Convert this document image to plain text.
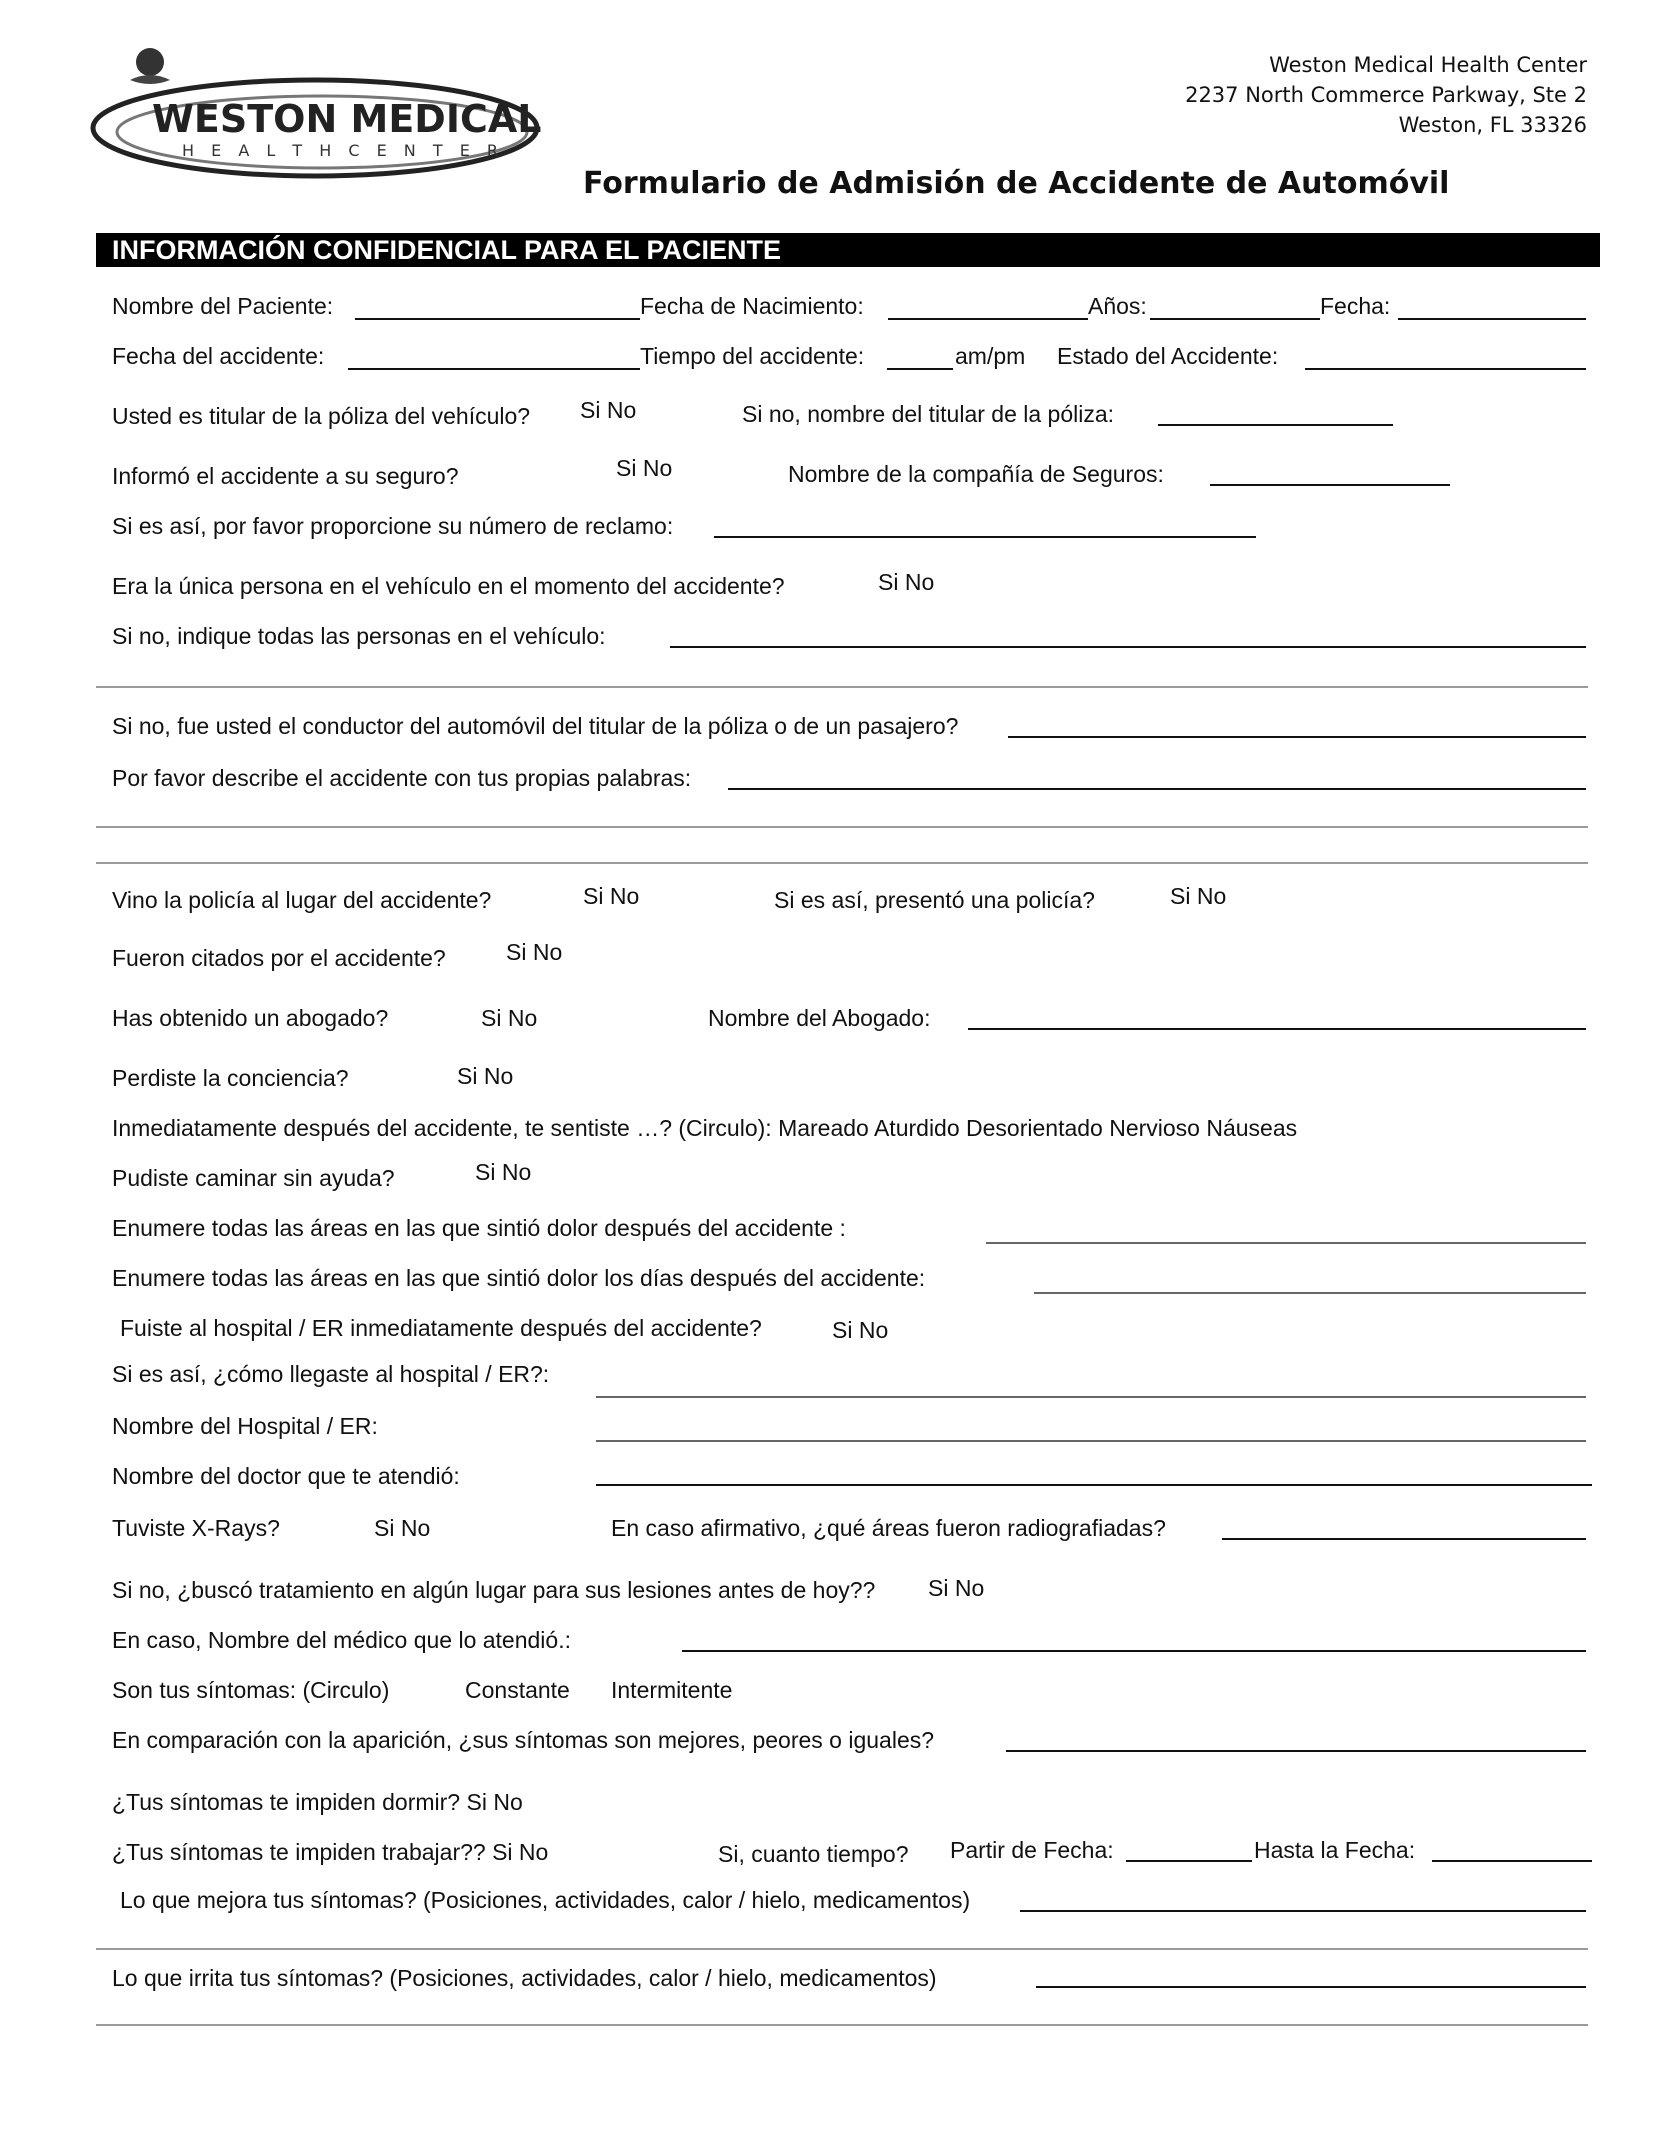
WESTON MEDICAL
H E A L T H C E N T E R
Weston Medical Health Center
2237 North Commerce Parkway, Ste 2
Weston, FL 33326
Formulario de Admisión de Accidente de Automóvil
INFORMACIÓN CONFIDENCIAL PARA EL PACIENTE
Nombre del Paciente:	Fecha de Nacimiento:	Años:	Fecha:
Fecha del accidente:	Tiempo del accidente:	am/pm Estado del Accidente:
Usted es titular de la póliza del vehículo? Si No	Si no, nombre del titular de la póliza:
Informó el accidente a su seguro?	Si No	Nombre de la compañía de Seguros:
Si es así, por favor proporcione su número de reclamo:
Era la única persona en el vehículo en el momento del accidente?	Si No
Si no, indique todas las personas en el vehículo:
Si no, fue usted el conductor del automóvil del titular de la póliza o de un pasajero?
Por favor describe el accidente con tus propias palabras:
Vino la policía al lugar del accidente?	Si No	Si es así, presentó una policía?	Si No
Fueron citados por el accidente?	Si No
Has obtenido un abogado?	Si No	Nombre del Abogado:
Perdiste la conciencia?	Si No
Inmediatamente después del accidente, te sentiste …? (Circulo): Mareado Aturdido Desorientado Nervioso Náuseas
Pudiste caminar sin ayuda?	Si No
Enumere todas las áreas en las que sintió dolor después del accidente :
Enumere todas las áreas en las que sintió dolor los días después del accidente:
Fuiste al hospital / ER inmediatamente después del accidente?	Si No
Si es así, ¿cómo llegaste al hospital / ER?:
Nombre del Hospital / ER:
Nombre del doctor que te atendió:
Tuviste X-Rays?	Si No	En caso afirmativo, ¿qué áreas fueron radiografiadas?
Si no, ¿buscó tratamiento en algún lugar para sus lesiones antes de hoy?? Si No
En caso, Nombre del médico que lo atendió.:
Son tus síntomas: (Circulo)	Constante Intermitente
En comparación con la aparición, ¿sus síntomas son mejores, peores o iguales?
¿Tus síntomas te impiden dormir? Si No
¿Tus síntomas te impiden trabajar?? Si No	Si, cuanto tiempo? Partir de Fecha:	Hasta la Fecha:
Lo que mejora tus síntomas? (Posiciones, actividades, calor / hielo, medicamentos)
Lo que irrita tus síntomas? (Posiciones, actividades, calor / hielo, medicamentos)
